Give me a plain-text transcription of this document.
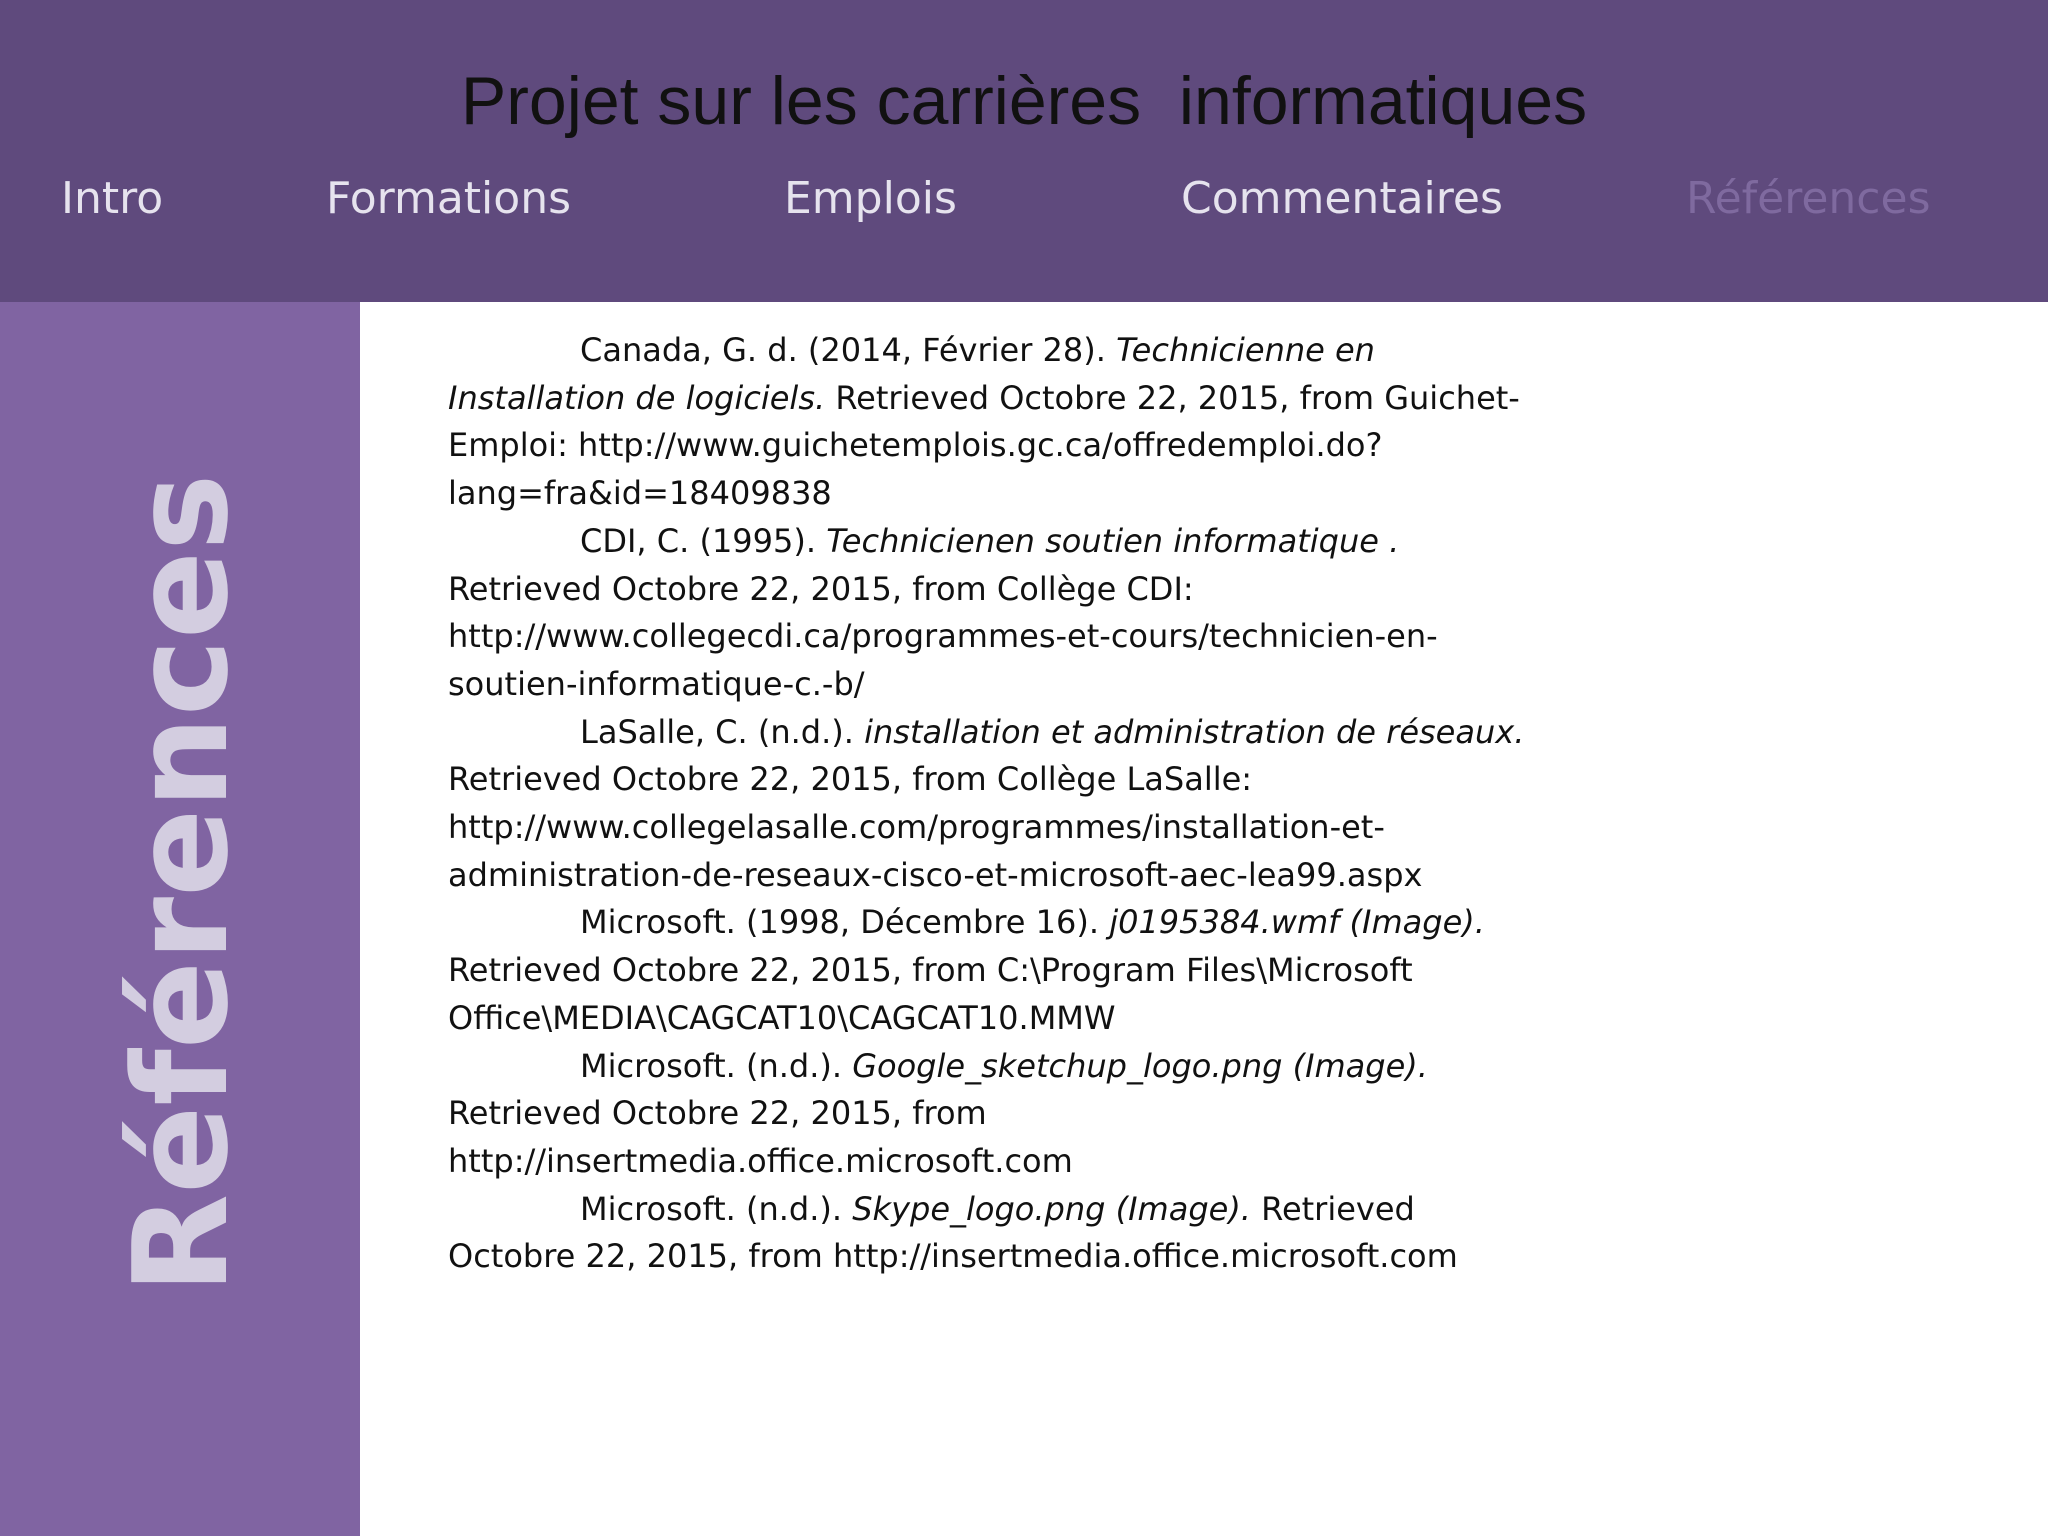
Projet sur les carrières  informatiques
Intro	Formations	Emplois	Commentaires	Références
Références

Canada, G. d. (2014, Février 28). Technicienne en Installation de logiciels. Retrieved Octobre 22, 2015, from Guichet-Emploi: http://www.guichetemplois.gc.ca/offredemploi.do?lang=fra&id=18409838

CDI, C. (1995). Technicienen soutien informatique . Retrieved Octobre 22, 2015, from Collège CDI: http://www.collegecdi.ca/programmes-et-cours/technicien-en-soutien-informatique-c.-b/

LaSalle, C. (n.d.). installation et administration de réseaux. Retrieved Octobre 22, 2015, from Collège LaSalle: http://www.collegelasalle.com/programmes/installation-et-administration-de-reseaux-cisco-et-microsoft-aec-lea99.aspx

Microsoft. (1998, Décembre 16). j0195384.wmf (Image). Retrieved Octobre 22, 2015, from C:\Program Files\Microsoft Office\MEDIA\CAGCAT10\CAGCAT10.MMW

Microsoft. (n.d.). Google_sketchup_logo.png (Image). Retrieved Octobre 22, 2015, from http://insertmedia.office.microsoft.com

Microsoft. (n.d.). Skype_logo.png (Image). Retrieved Octobre 22, 2015, from http://insertmedia.office.microsoft.com
